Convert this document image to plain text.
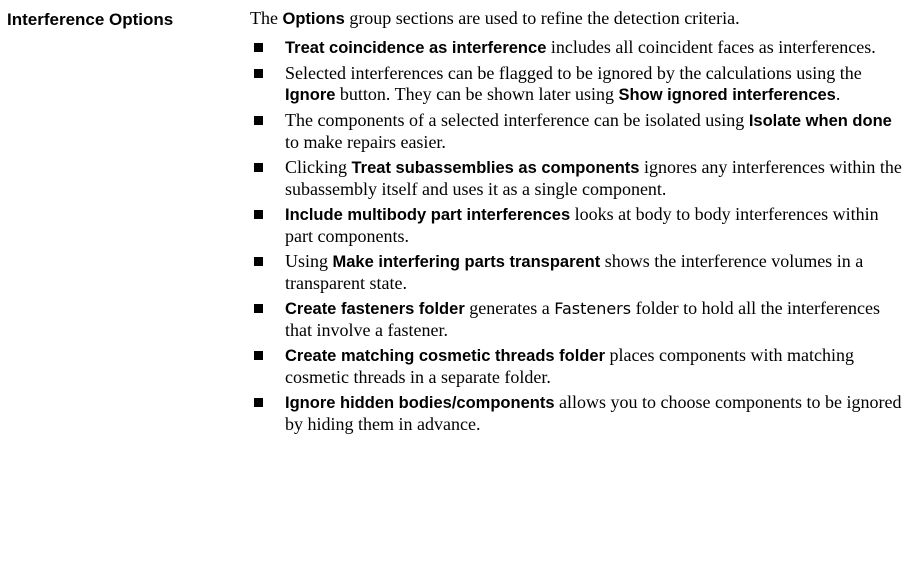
Interference Options	The Options group sections are used to refine the detection criteria.

Treat coincidence as interference includes all coincident faces as interferences.
Selected interferences can be flagged to be ignored by the calculations using the Ignore button. They can be shown later using Show ignored interferences.
The components of a selected interference can be isolated using Isolate when done to make repairs easier.
Clicking Treat subassemblies as components ignores any interferences within the subassembly itself and uses it as a single component.
Include multibody part interferences looks at body to body interferences within part components.
Using Make interfering parts transparent shows the interference volumes in a transparent state.
Create fasteners folder generates a Fasteners folder to hold all the interferences that involve a fastener.
Create matching cosmetic threads folder places components with matching cosmetic threads in a separate folder.
Ignore hidden bodies/components allows you to choose components to be ignored by hiding them in advance.
